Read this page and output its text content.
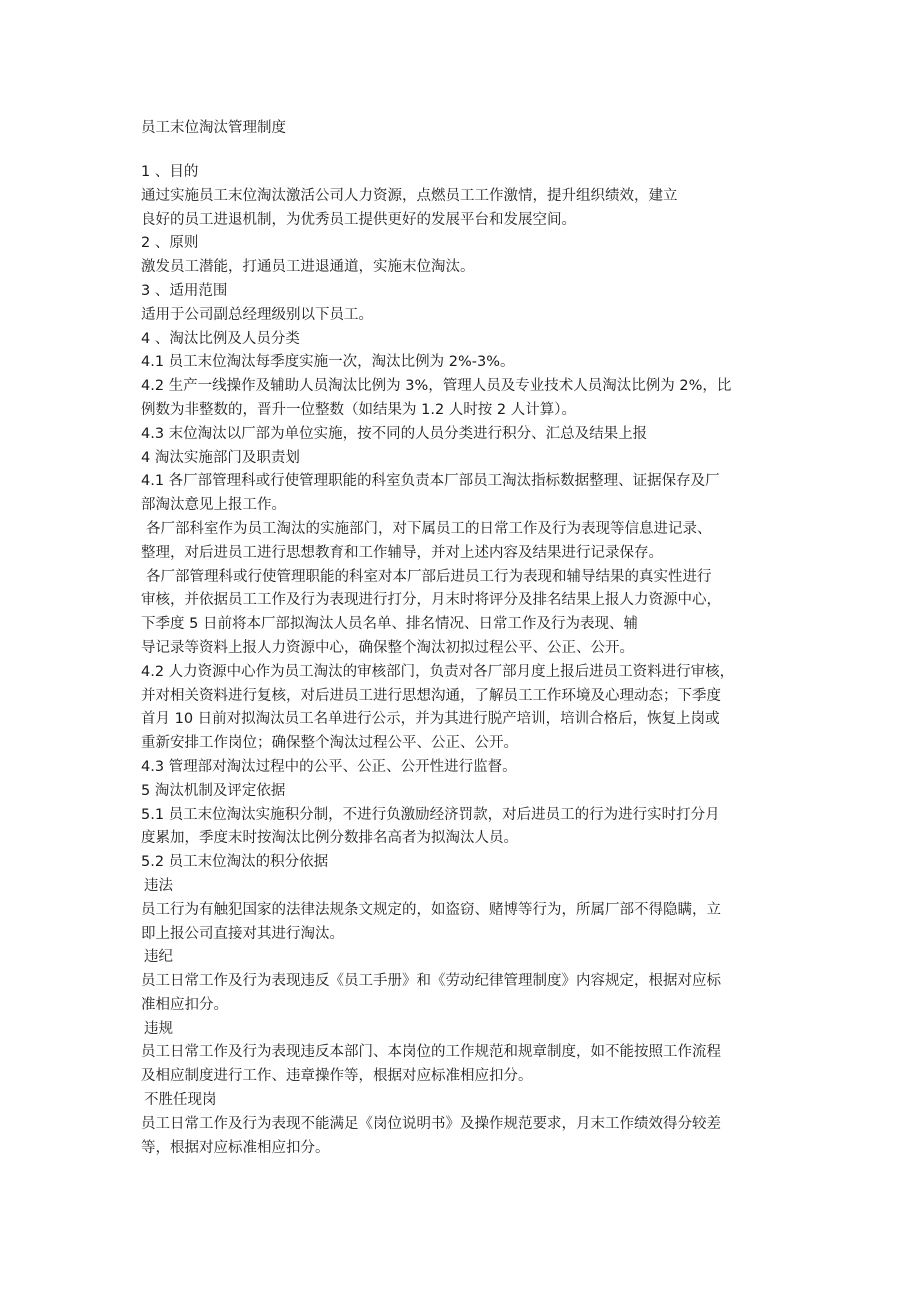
员工末位淘汰管理制度

1 、目的

通过实施员工末位淘汰激活公司人力资源，点燃员工工作激情，提升组织绩效，建立

良好的员工进退机制，为优秀员工提供更好的发展平台和发展空间。

2 、原则

激发员工潜能，打通员工进退通道，实施末位淘汰。

3 、适用范围

适用于公司副总经理级别以下员工。

4 、淘汰比例及人员分类

4.1 员工末位淘汰每季度实施一次，淘汰比例为 2%-3%。

4.2 生产一线操作及辅助人员淘汰比例为 3%，管理人员及专业技术人员淘汰比例为 2%，比

例数为非整数的，晋升一位整数（如结果为 1.2 人时按 2 人计算）。

4.3 末位淘汰以厂部为单位实施，按不同的人员分类进行积分、汇总及结果上报

4 淘汰实施部门及职责划

4.1 各厂部管理科或行使管理职能的科室负责本厂部员工淘汰指标数据整理、证据保存及厂

部淘汰意见上报工作。

各厂部科室作为员工淘汰的实施部门，对下属员工的日常工作及行为表现等信息进记录、

整理，对后进员工进行思想教育和工作辅导，并对上述内容及结果进行记录保存。

各厂部管理科或行使管理职能的科室对本厂部后进员工行为表现和辅导结果的真实性进行

审核，并依据员工工作及行为表现进行打分，月末时将评分及排名结果上报人力资源中心，

下季度 5 日前将本厂部拟淘汰人员名单、排名情况、日常工作及行为表现、辅

导记录等资料上报人力资源中心，确保整个淘汰初拟过程公平、公正、公开。

4.2 人力资源中心作为员工淘汰的审核部门，负责对各厂部月度上报后进员工资料进行审核，

并对相关资料进行复核，对后进员工进行思想沟通，了解员工工作环境及心理动态；下季度

首月 10 日前对拟淘汰员工名单进行公示，并为其进行脱产培训，培训合格后，恢复上岗或

重新安排工作岗位；确保整个淘汰过程公平、公正、公开。

4.3 管理部对淘汰过程中的公平、公正、公开性进行监督。

5 淘汰机制及评定依据

5.1 员工末位淘汰实施积分制，不进行负激励经济罚款，对后进员工的行为进行实时打分月

度累加，季度末时按淘汰比例分数排名高者为拟淘汰人员。

5.2 员工末位淘汰的积分依据

违法

员工行为有触犯国家的法律法规条文规定的，如盗窃、赌博等行为，所属厂部不得隐瞒，立

即上报公司直接对其进行淘汰。

违纪

员工日常工作及行为表现违反《员工手册》和《劳动纪律管理制度》内容规定，根据对应标

准相应扣分。

违规

员工日常工作及行为表现违反本部门、本岗位的工作规范和规章制度，如不能按照工作流程

及相应制度进行工作、违章操作等，根据对应标准相应扣分。

不胜任现岗

员工日常工作及行为表现不能满足《岗位说明书》及操作规范要求，月末工作绩效得分较差

等，根据对应标准相应扣分。
